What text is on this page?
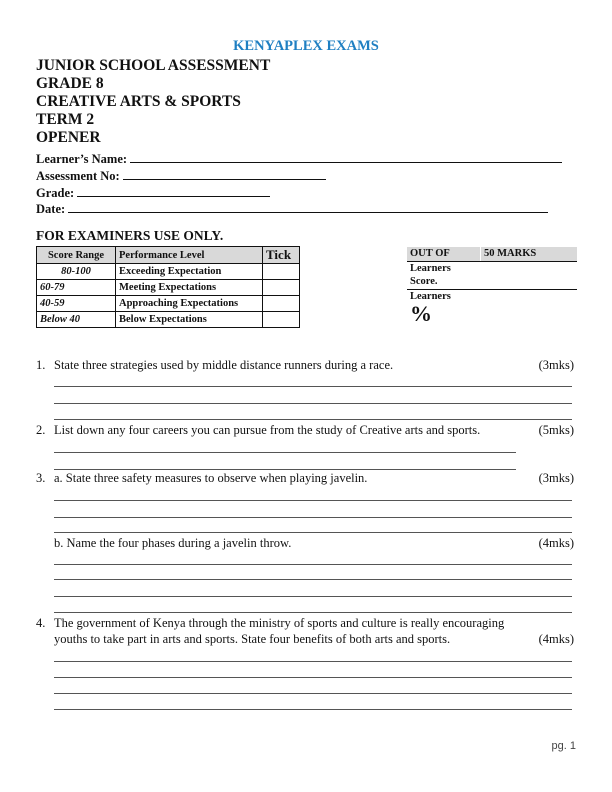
KENYAPLEX EXAMS
JUNIOR SCHOOL ASSESSMENT
GRADE 8
CREATIVE ARTS & SPORTS
TERM 2
OPENER
Learner’s Name:
Assessment No:
Grade:
Date:
FOR EXAMINERS USE ONLY.
Score Range	Performance Level	Tick
80-100	Exceeding Expectation	
60-79	Meeting Expectations	
40-59	Approaching Expectations	
Below 40	Below Expectations	
OUT OF	50 MARKS
Learners
Score.
Learners
%
1. State three strategies used by middle distance runners during a race.	(3mks)
2. List down any four careers you can pursue from the study of Creative arts and sports.	(5mks)
3. a. State three safety measures to observe when playing javelin.	(3mks)
b. Name the four phases during a javelin throw.	(4mks)
4. The government of Kenya through the ministry of sports and culture is really encouraging
youths to take part in arts and sports. State four benefits of both arts and sports.	(4mks)
pg. 1
